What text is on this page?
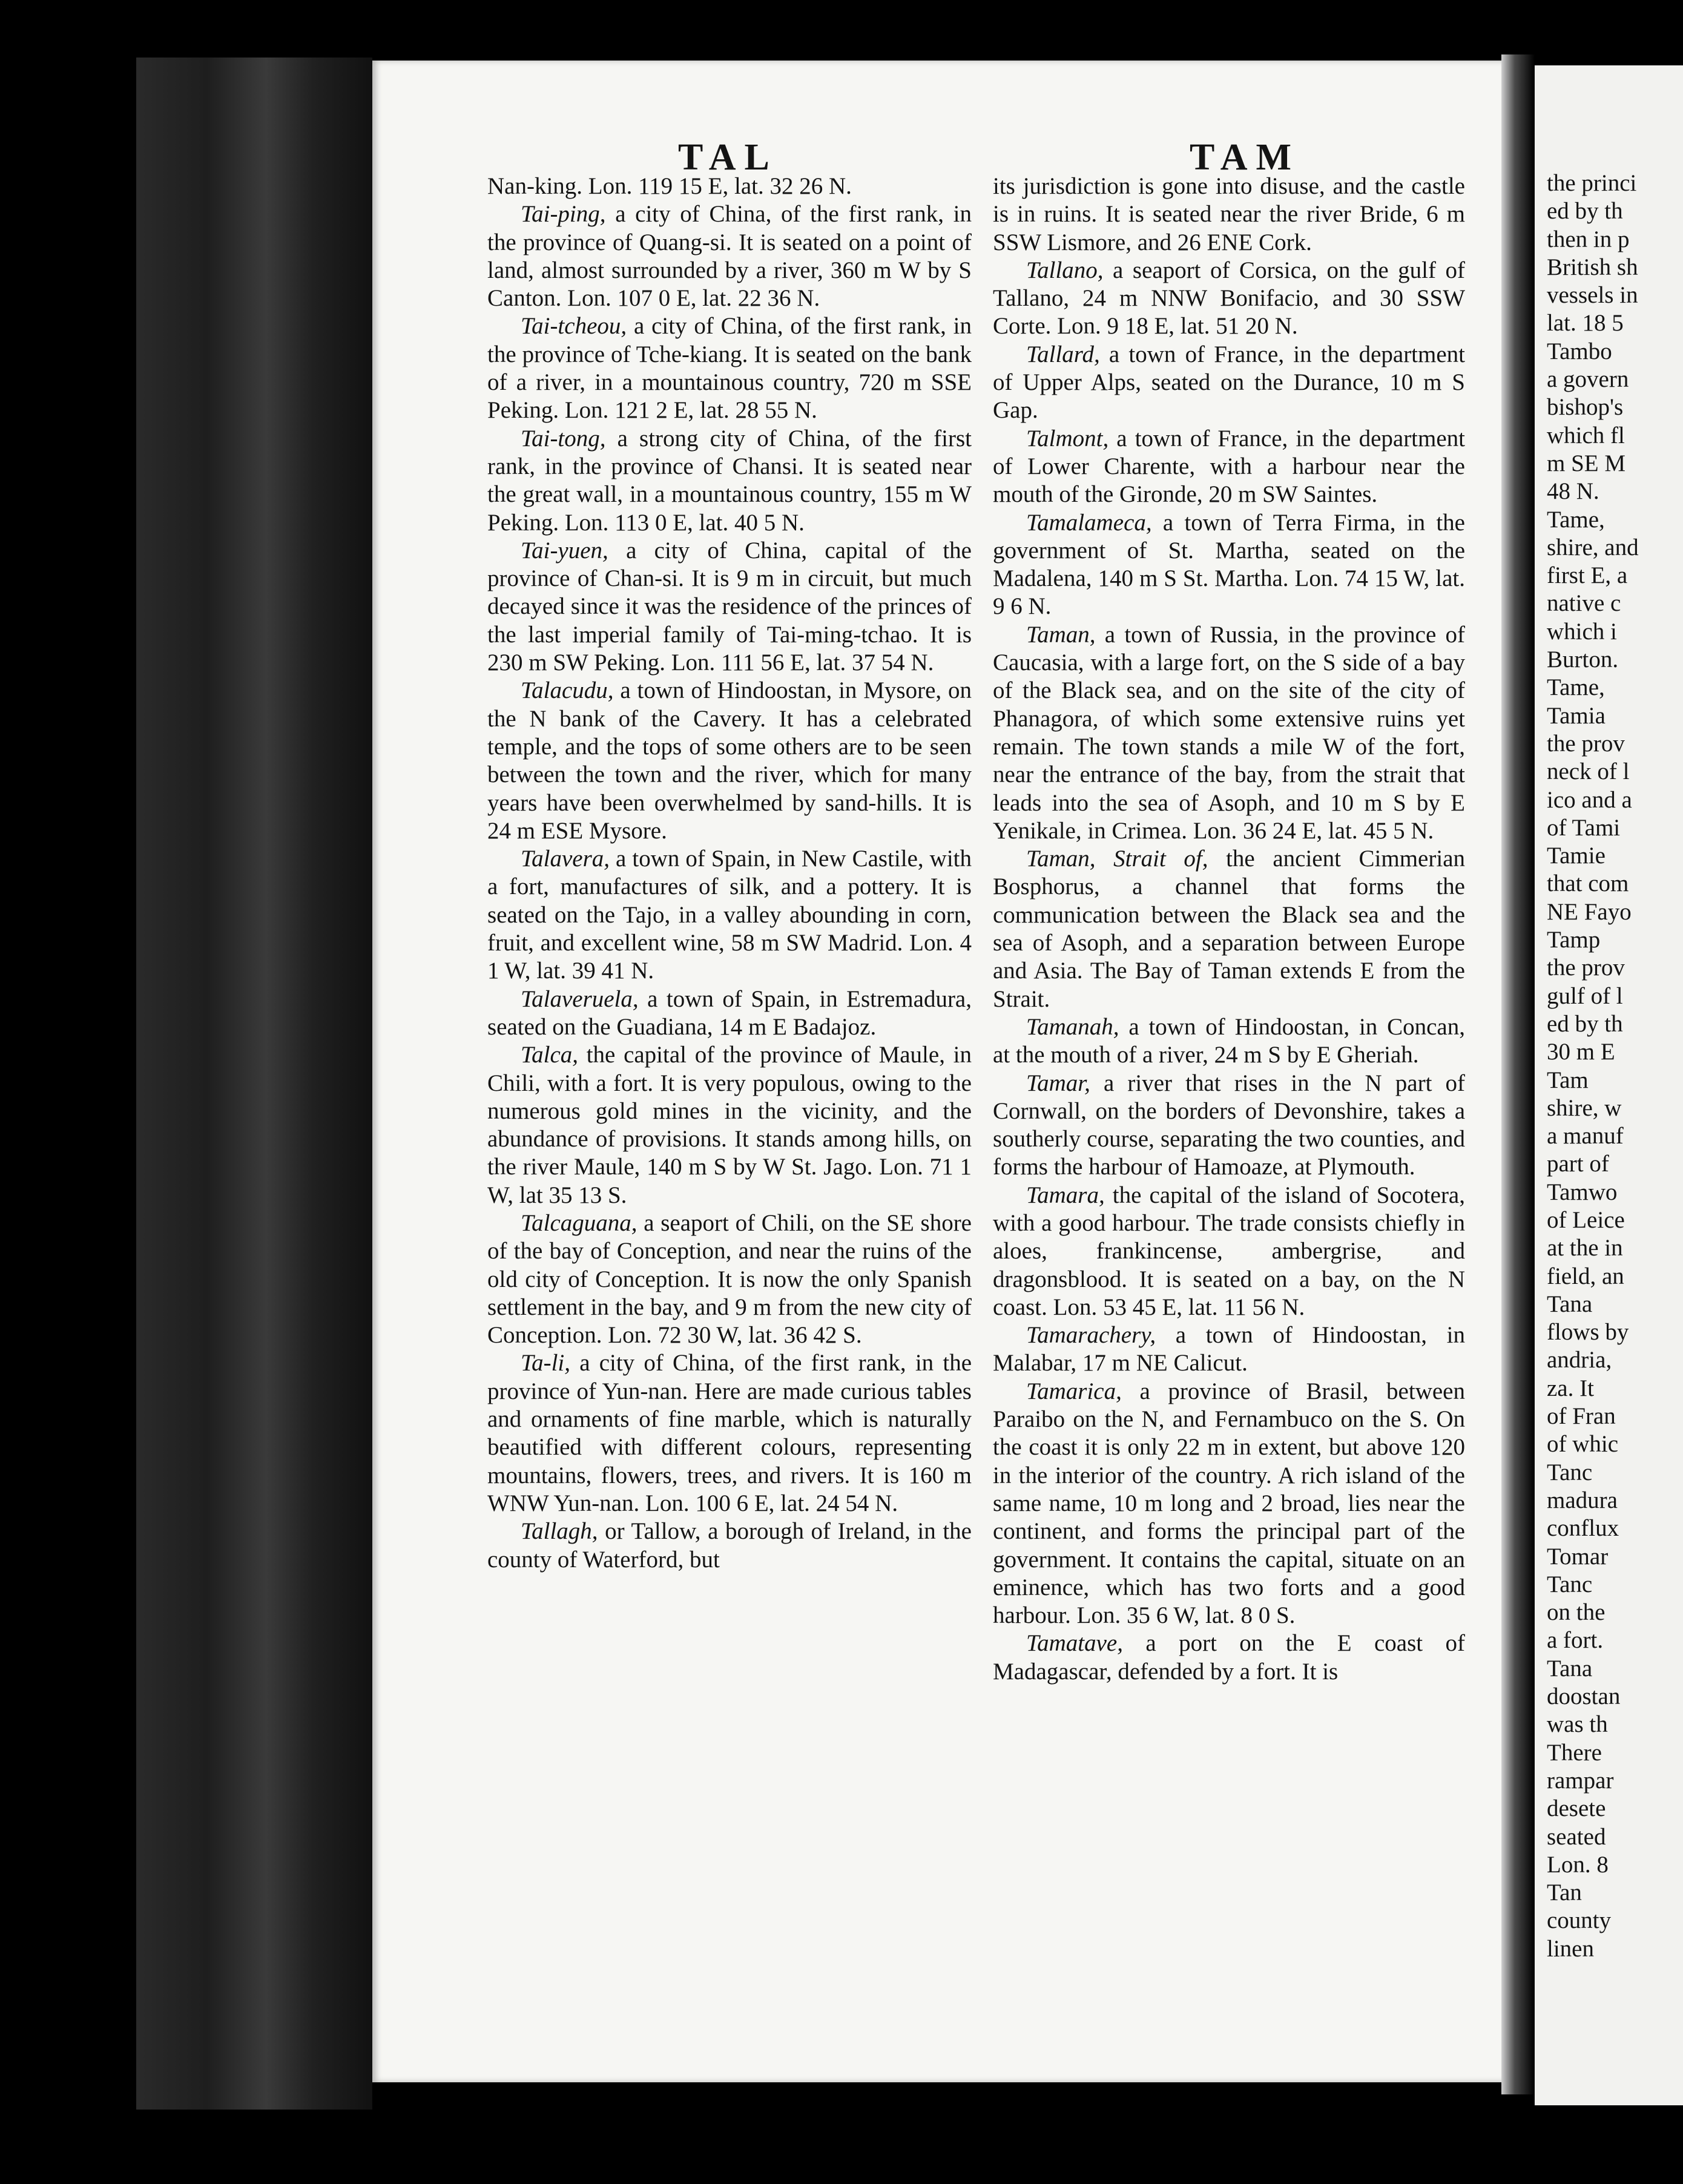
TAL	TAM

Nan-king. Lon. 119 15 E, lat. 32 26 N.

Tai-ping, a city of China, of the first rank, in the province of Quang-si. It is seated on a point of land, almost surrounded by a river, 360 m W by S Canton. Lon. 107 0 E, lat. 22 36 N.

Tai-tcheou, a city of China, of the first rank, in the province of Tche-kiang. It is seated on the bank of a river, in a mountainous country, 720 m SSE Peking. Lon. 121 2 E, lat. 28 55 N.

Tai-tong, a strong city of China, of the first rank, in the province of Chansi. It is seated near the great wall, in a mountainous country, 155 m W Peking. Lon. 113 0 E, lat. 40 5 N.

Tai-yuen, a city of China, capital of the province of Chan-si. It is 9 m in circuit, but much decayed since it was the residence of the princes of the last imperial family of Tai-ming-tchao. It is 230 m SW Peking. Lon. 111 56 E, lat. 37 54 N.

Talacudu, a town of Hindoostan, in Mysore, on the N bank of the Cavery. It has a celebrated temple, and the tops of some others are to be seen between the town and the river, which for many years have been overwhelmed by sand-hills. It is 24 m ESE Mysore.

Talavera, a town of Spain, in New Castile, with a fort, manufactures of silk, and a pottery. It is seated on the Tajo, in a valley abounding in corn, fruit, and excellent wine, 58 m SW Madrid. Lon. 4 1 W, lat. 39 41 N.

Talaveruela, a town of Spain, in Estremadura, seated on the Guadiana, 14 m E Badajoz.

Talca, the capital of the province of Maule, in Chili, with a fort. It is very populous, owing to the numerous gold mines in the vicinity, and the abundance of provisions. It stands among hills, on the river Maule, 140 m S by W St. Jago. Lon. 71 1 W, lat 35 13 S.

Talcaguana, a seaport of Chili, on the SE shore of the bay of Conception, and near the ruins of the old city of Conception. It is now the only Spanish settlement in the bay, and 9 m from the new city of Conception. Lon. 72 30 W, lat. 36 42 S.

Ta-li, a city of China, of the first rank, in the province of Yun-nan. Here are made curious tables and ornaments of fine marble, which is naturally beautified with different colours, representing mountains, flowers, trees, and rivers. It is 160 m WNW Yun-nan. Lon. 100 6 E, lat. 24 54 N.

Tallagh, or Tallow, a borough of Ireland, in the county of Waterford, but

its jurisdiction is gone into disuse, and the castle is in ruins. It is seated near the river Bride, 6 m SSW Lismore, and 26 ENE Cork.

Tallano, a seaport of Corsica, on the gulf of Tallano, 24 m NNW Bonifacio, and 30 SSW Corte. Lon. 9 18 E, lat. 51 20 N.

Tallard, a town of France, in the department of Upper Alps, seated on the Durance, 10 m S Gap.

Talmont, a town of France, in the department of Lower Charente, with a harbour near the mouth of the Gironde, 20 m SW Saintes.

Tamalameca, a town of Terra Firma, in the government of St. Martha, seated on the Madalena, 140 m S St. Martha. Lon. 74 15 W, lat. 9 6 N.

Taman, a town of Russia, in the province of Caucasia, with a large fort, on the S side of a bay of the Black sea, and on the site of the city of Phanagora, of which some extensive ruins yet remain. The town stands a mile W of the fort, near the entrance of the bay, from the strait that leads into the sea of Asoph, and 10 m S by E Yenikale, in Crimea. Lon. 36 24 E, lat. 45 5 N.

Taman, Strait of, the ancient Cimmerian Bosphorus, a channel that forms the communication between the Black sea and the sea of Asoph, and a separation between Europe and Asia. The Bay of Taman extends E from the Strait.

Tamanah, a town of Hindoostan, in Concan, at the mouth of a river, 24 m S by E Gheriah.

Tamar, a river that rises in the N part of Cornwall, on the borders of Devonshire, takes a southerly course, separating the two counties, and forms the harbour of Hamoaze, at Plymouth.

Tamara, the capital of the island of Socotera, with a good harbour. The trade consists chiefly in aloes, frankincense, ambergrise, and dragonsblood. It is seated on a bay, on the N coast. Lon. 53 45 E, lat. 11 56 N.

Tamarachery, a town of Hindoostan, in Malabar, 17 m NE Calicut.

Tamarica, a province of Brasil, between Paraibo on the N, and Fernambuco on the S. On the coast it is only 22 m in extent, but above 120 in the interior of the country. A rich island of the same name, 10 m long and 2 broad, lies near the continent, and forms the principal part of the government. It contains the capital, situate on an eminence, which has two forts and a good harbour. Lon. 35 6 W, lat. 8 0 S.

Tamatave, a port on the E coast of Madagascar, defended by a fort. It is

the princi
ed by th
then in p
British sh
vessels in
lat. 18 5
Tambo
a govern
bishop's
which fl
m SE M
48 N.
Tame,
shire, and
first E, a
native c
which i
Burton.
Tame,
Tamia
the prov
neck of l
ico and a
of Tami
Tamie
that com
NE Fayo
Tamp
the prov
gulf of l
ed by th
30 m E
Tam
shire, w
a manuf
part of
Tamwo
of Leice
at the in
field, an
Tana
flows by
andria,
za. It
of Fran
of whic
Tanc
madura
conflux
Tomar
Tanc
on the
a fort.
Tana
doostan
was th
There
rampar
desete
seated
Lon. 8
Tan
county
linen
